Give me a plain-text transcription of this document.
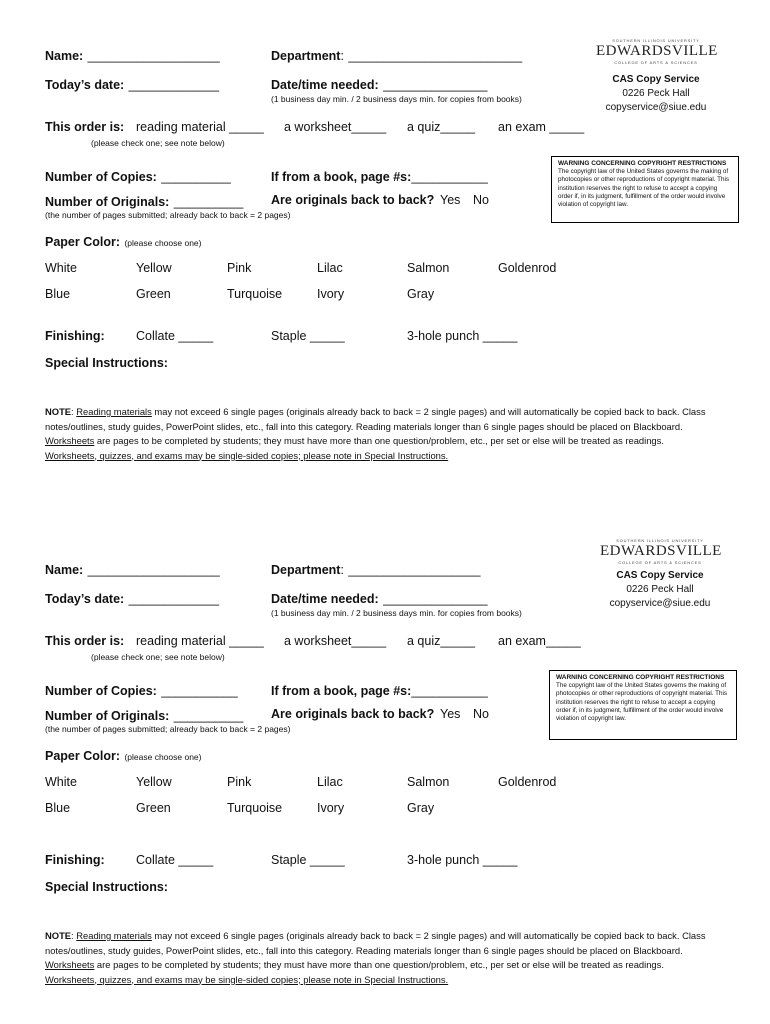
Name: ___________________	Department: _________________________
SOUTHERN ILLINOIS UNIVERSITY
EDWARDSVILLE
COLLEGE OF ARTS & SCIENCES
CAS Copy Service
0226 Peck Hall
copyservice@siue.edu
Today’s date: _____________	Date/time needed: _______________
(1 business day min. / 2 business days min. for copies from books)
This order is: reading material _____ a worksheet_____ a quiz_____ an exam _____
(please check one; see note below)
Number of Copies: __________	If from a book, page #s:___________
WARNING CONCERNING COPYRIGHT RESTRICTIONS
The copyright law of the United States governs the making of photocopies or other reproductions of copyright material. This institution reserves the right to refuse to accept a copying order if, in its judgment, fulfillment of the order would involve violation of copyright law.
Number of Originals: __________ Are originals back to back? Yes No
(the number of pages submitted; already back to back = 2 pages)
Paper Color: (please choose one)
White	Yellow	Pink	Lilac	Salmon	Goldenrod
Blue	Green	Turquoise	Ivory	Gray
Finishing:	Collate _____	Staple _____	3-hole punch _____
Special Instructions:
NOTE: Reading materials may not exceed 6 single pages (originals already back to back = 2 single pages) and will automatically be copied back to back. Class notes/outlines, study guides, PowerPoint slides, etc., fall into this category. Reading materials longer than 6 single pages should be placed on Blackboard. Worksheets are pages to be completed by students; they must have more than one question/problem, etc., per set or else will be treated as readings. Worksheets, quizzes, and exams may be single-sided copies; please note in Special Instructions.
Name: ___________________	Department: ___________________
SOUTHERN ILLINOIS UNIVERSITY
EDWARDSVILLE
COLLEGE OF ARTS & SCIENCES
CAS Copy Service
0226 Peck Hall
copyservice@siue.edu
Today’s date: _____________	Date/time needed: _______________
(1 business day min. / 2 business days min. for copies from books)
This order is: reading material _____ a worksheet_____ a quiz_____ an exam_____
(please check one; see note below)
Number of Copies: ___________	If from a book, page #s:___________
WARNING CONCERNING COPYRIGHT RESTRICTIONS
The copyright law of the United States governs the making of photocopies or other reproductions of copyright material. This institution reserves the right to refuse to accept a copying order if, in its judgment, fulfillment of the order would involve violation of copyright law.
Number of Originals: __________ Are originals back to back? Yes No
(the number of pages submitted; already back to back = 2 pages)
Paper Color: (please choose one)
White	Yellow	Pink	Lilac	Salmon	Goldenrod
Blue	Green	Turquoise	Ivory	Gray
Finishing:	Collate _____	Staple _____	3-hole punch _____
Special Instructions:
NOTE: Reading materials may not exceed 6 single pages (originals already back to back = 2 single pages) and will automatically be copied back to back. Class notes/outlines, study guides, PowerPoint slides, etc., fall into this category. Reading materials longer than 6 single pages should be placed on Blackboard. Worksheets are pages to be completed by students; they must have more than one question/problem, etc., per set or else will be treated as readings. Worksheets, quizzes, and exams may be single-sided copies; please note in Special Instructions.
